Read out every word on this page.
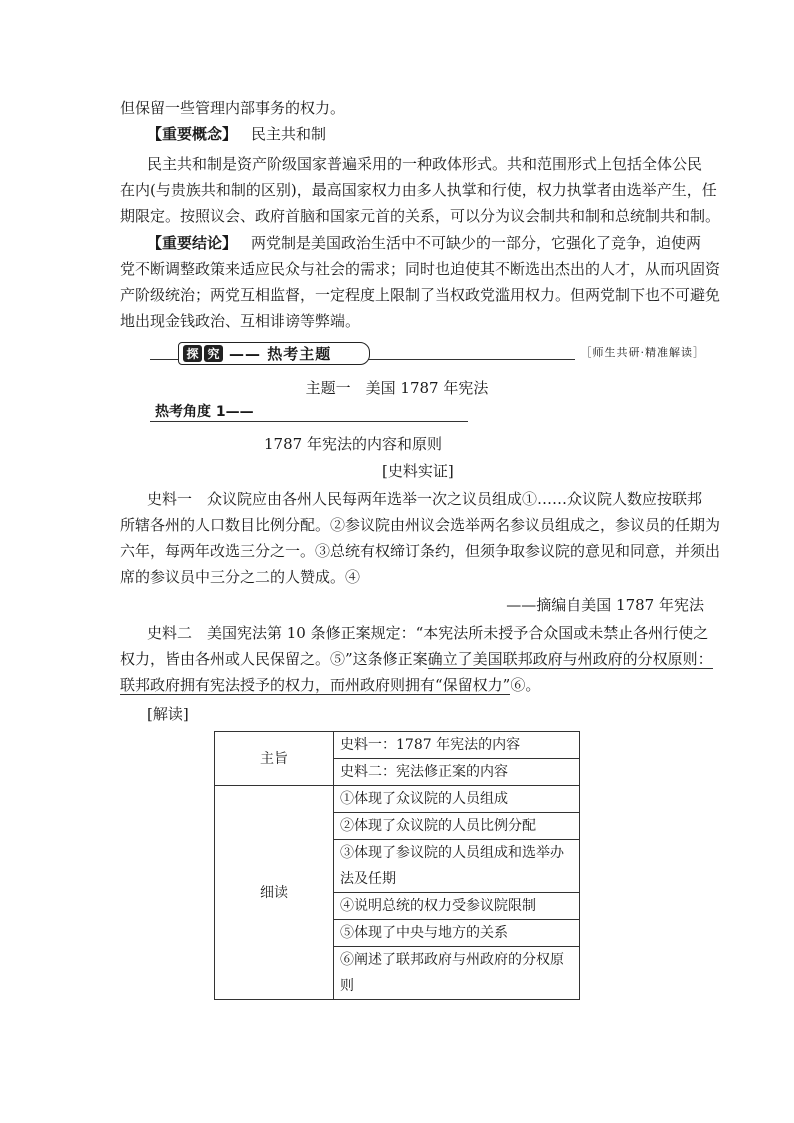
但保留一些管理内部事务的权力。
【重要概念】 民主共和制
民主共和制是资产阶级国家普遍采用的一种政体形式。共和范围形式上包括全体公民
在内(与贵族共和制的区别)，最高国家权力由多人执掌和行使，权力执掌者由选举产生，任
期限定。按照议会、政府首脑和国家元首的关系，可以分为议会制共和制和总统制共和制。
【重要结论】 两党制是美国政治生活中不可缺少的一部分，它强化了竞争，迫使两
党不断调整政策来适应民众与社会的需求；同时也迫使其不断选出杰出的人才，从而巩固资
产阶级统治；两党互相监督，一定程度上限制了当权政党滥用权力。但两党制下也不可避免
地出现金钱政治、互相诽谤等弊端。
探 究 —— 热考主题	［师生共研·精准解读］
主题一　美国 1787 年宪法
热考角度 1——
1787 年宪法的内容和原则
[史料实证]
史料一　众议院应由各州人民每两年选举一次之议员组成①……众议院人数应按联邦
所辖各州的人口数目比例分配。②参议院由州议会选举两名参议员组成之，参议员的任期为
六年，每两年改选三分之一。③总统有权缔订条约，但须争取参议院的意见和同意，并须出
席的参议员中三分之二的人赞成。④
——摘编自美国 1787 年宪法
史料二　美国宪法第 10 条修正案规定：“本宪法所未授予合众国或未禁止各州行使之
权力，皆由各州或人民保留之。⑤”这条修正案确立了美国联邦政府与州政府的分权原则：
联邦政府拥有宪法授予的权力，而州政府则拥有“保留权力”⑥。
[解读]
主旨	史料一：1787 年宪法的内容
	史料二：宪法修正案的内容
细读	①体现了众议院的人员组成
	②体现了众议院的人员比例分配
	③体现了参议院的人员组成和选举办法及任期
	④说明总统的权力受参议院限制
	⑤体现了中央与地方的关系
	⑥阐述了联邦政府与州政府的分权原则
